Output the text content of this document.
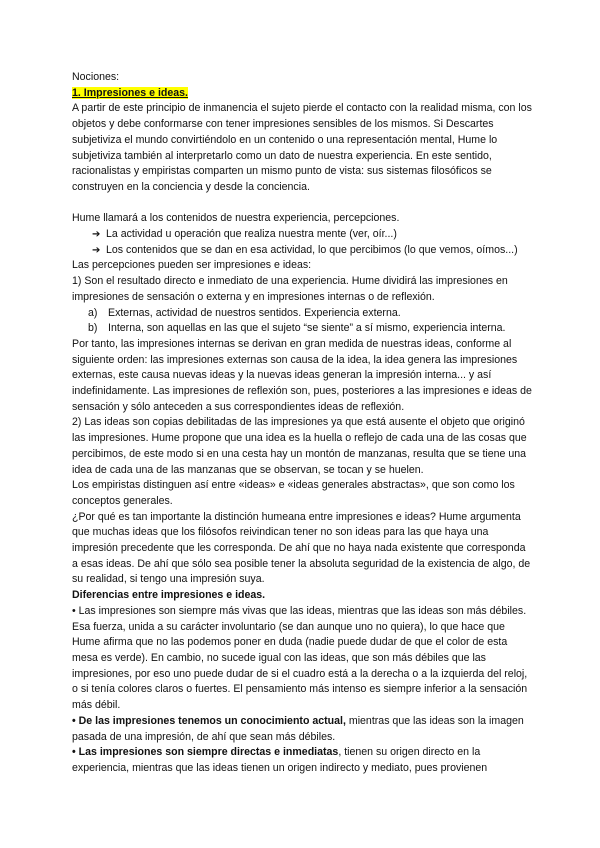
Nociones:

1. Impresiones e ideas.

A partir de este principio de inmanencia el sujeto pierde el contacto con la realidad misma, con los objetos y debe conformarse con tener impresiones sensibles de los mismos. Si Descartes subjetiviza el mundo convirtiéndolo en un contenido o una representación mental, Hume lo subjetiviza también al interpretarlo como un dato de nuestra experiencia. En este sentido, racionalistas y empiristas comparten un mismo punto de vista: sus sistemas filosóficos se construyen en la conciencia y desde la conciencia.

Hume llamará a los contenidos de nuestra experiencia, percepciones.

➔ La actividad u operación que realiza nuestra mente (ver, oír...)
➔ Los contenidos que se dan en esa actividad, lo que percibimos (lo que vemos, oímos...)

Las percepciones pueden ser impresiones e ideas:

1) Son el resultado directo e inmediato de una experiencia. Hume dividirá las impresiones en impresiones de sensación o externa y en impresiones internas o de reflexión.

a) Externas, actividad de nuestros sentidos. Experiencia externa.
b) Interna, son aquellas en las que el sujeto “se siente” a sí mismo, experiencia interna.

Por tanto, las impresiones internas se derivan en gran medida de nuestras ideas, conforme al siguiente orden: las impresiones externas son causa de la idea, la idea genera las impresiones externas, este causa nuevas ideas y la nuevas ideas generan la impresión interna... y así indefinidamente. Las impresiones de reflexión son, pues, posteriores a las impresiones e ideas de sensación y sólo anteceden a sus correspondientes ideas de reflexión.

2) Las ideas son copias debilitadas de las impresiones ya que está ausente el objeto que originó las impresiones. Hume propone que una idea es la huella o reflejo de cada una de las cosas que percibimos, de este modo si en una cesta hay un montón de manzanas, resulta que se tiene una idea de cada una de las manzanas que se observan, se tocan y se huelen.

Los empiristas distinguen así entre «ideas» e «ideas generales abstractas», que son como los conceptos generales.

¿Por qué es tan importante la distinción humeana entre impresiones e ideas? Hume argumenta que muchas ideas que los filósofos reivindican tener no son ideas para las que haya una impresión precedente que les corresponda. De ahí que no haya nada existente que corresponda a esas ideas. De ahí que sólo sea posible tener la absoluta seguridad de la existencia de algo, de su realidad, si tengo una impresión suya.

Diferencias entre impresiones e ideas.

• Las impresiones son siempre más vivas que las ideas, mientras que las ideas son más débiles. Esa fuerza, unida a su carácter involuntario (se dan aunque uno no quiera), lo que hace que Hume afirma que no las podemos poner en duda (nadie puede dudar de que el color de esta mesa es verde). En cambio, no sucede igual con las ideas, que son más débiles que las impresiones, por eso uno puede dudar de si el cuadro está a la derecha o a la izquierda del reloj, o si tenía colores claros o fuertes. El pensamiento más intenso es siempre inferior a la sensación más débil.

• De las impresiones tenemos un conocimiento actual, mientras que las ideas son la imagen pasada de una impresión, de ahí que sean más débiles.

• Las impresiones son siempre directas e inmediatas, tienen su origen directo en la experiencia, mientras que las ideas tienen un origen indirecto y mediato, pues provienen
